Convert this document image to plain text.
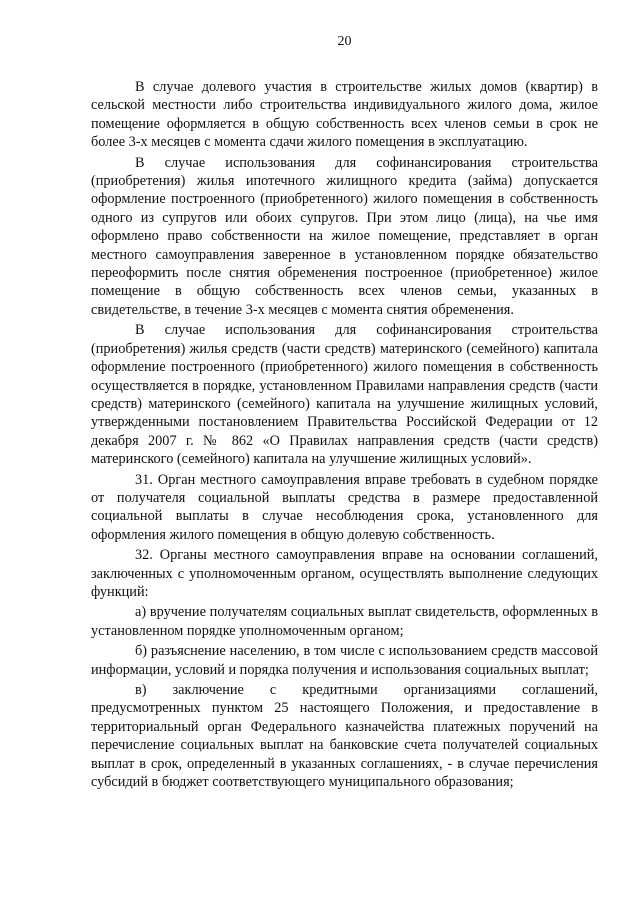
20

В случае долевого участия в строительстве жилых домов (квартир) в сельской местности либо строительства индивидуального жилого дома, жилое помещение оформляется в общую собственность всех членов семьи в срок не более 3-х месяцев с момента сдачи жилого помещения в эксплуатацию.

В случае использования для софинансирования строительства (приобретения) жилья ипотечного жилищного кредита (займа) допускается оформление построенного (приобретенного) жилого помещения в собственность одного из супругов или обоих супругов. При этом лицо (лица), на чье имя оформлено право собственности на жилое помещение, представляет в орган местного самоуправления заверенное в установленном порядке обязательство переоформить после снятия обременения построенное (приобретенное) жилое помещение в общую собственность всех членов семьи, указанных в свидетельстве, в течение 3-х месяцев с момента снятия обременения.

В случае использования для софинансирования строительства (приобретения) жилья средств (части средств) материнского (семейного) капитала оформление построенного (приобретенного) жилого помещения в собственность осуществляется в порядке, установленном Правилами направления средств (части средств) материнского (семейного) капитала на улучшение жилищных условий, утвержденными постановлением Правительства Российской Федерации от 12 декабря 2007 г. № 862 «О Правилах направления средств (части средств) материнского (семейного) капитала на улучшение жилищных условий».

31. Орган местного самоуправления вправе требовать в судебном порядке от получателя социальной выплаты средства в размере предоставленной социальной выплаты в случае несоблюдения срока, установленного для оформления жилого помещения в общую долевую собственность.

32. Органы местного самоуправления вправе на основании соглашений, заключенных с уполномоченным органом, осуществлять выполнение следующих функций:

а) вручение получателям социальных выплат свидетельств, оформленных в установленном порядке уполномоченным органом;

б) разъяснение населению, в том числе с использованием средств массовой информации, условий и порядка получения и использования социальных выплат;

в) заключение с кредитными организациями соглашений, предусмотренных пунктом 25 настоящего Положения, и предоставление в территориальный орган Федерального казначейства платежных поручений на перечисление социальных выплат на банковские счета получателей социальных выплат в срок, определенный в указанных соглашениях, - в случае перечисления субсидий в бюджет соответствующего муниципального образования;
